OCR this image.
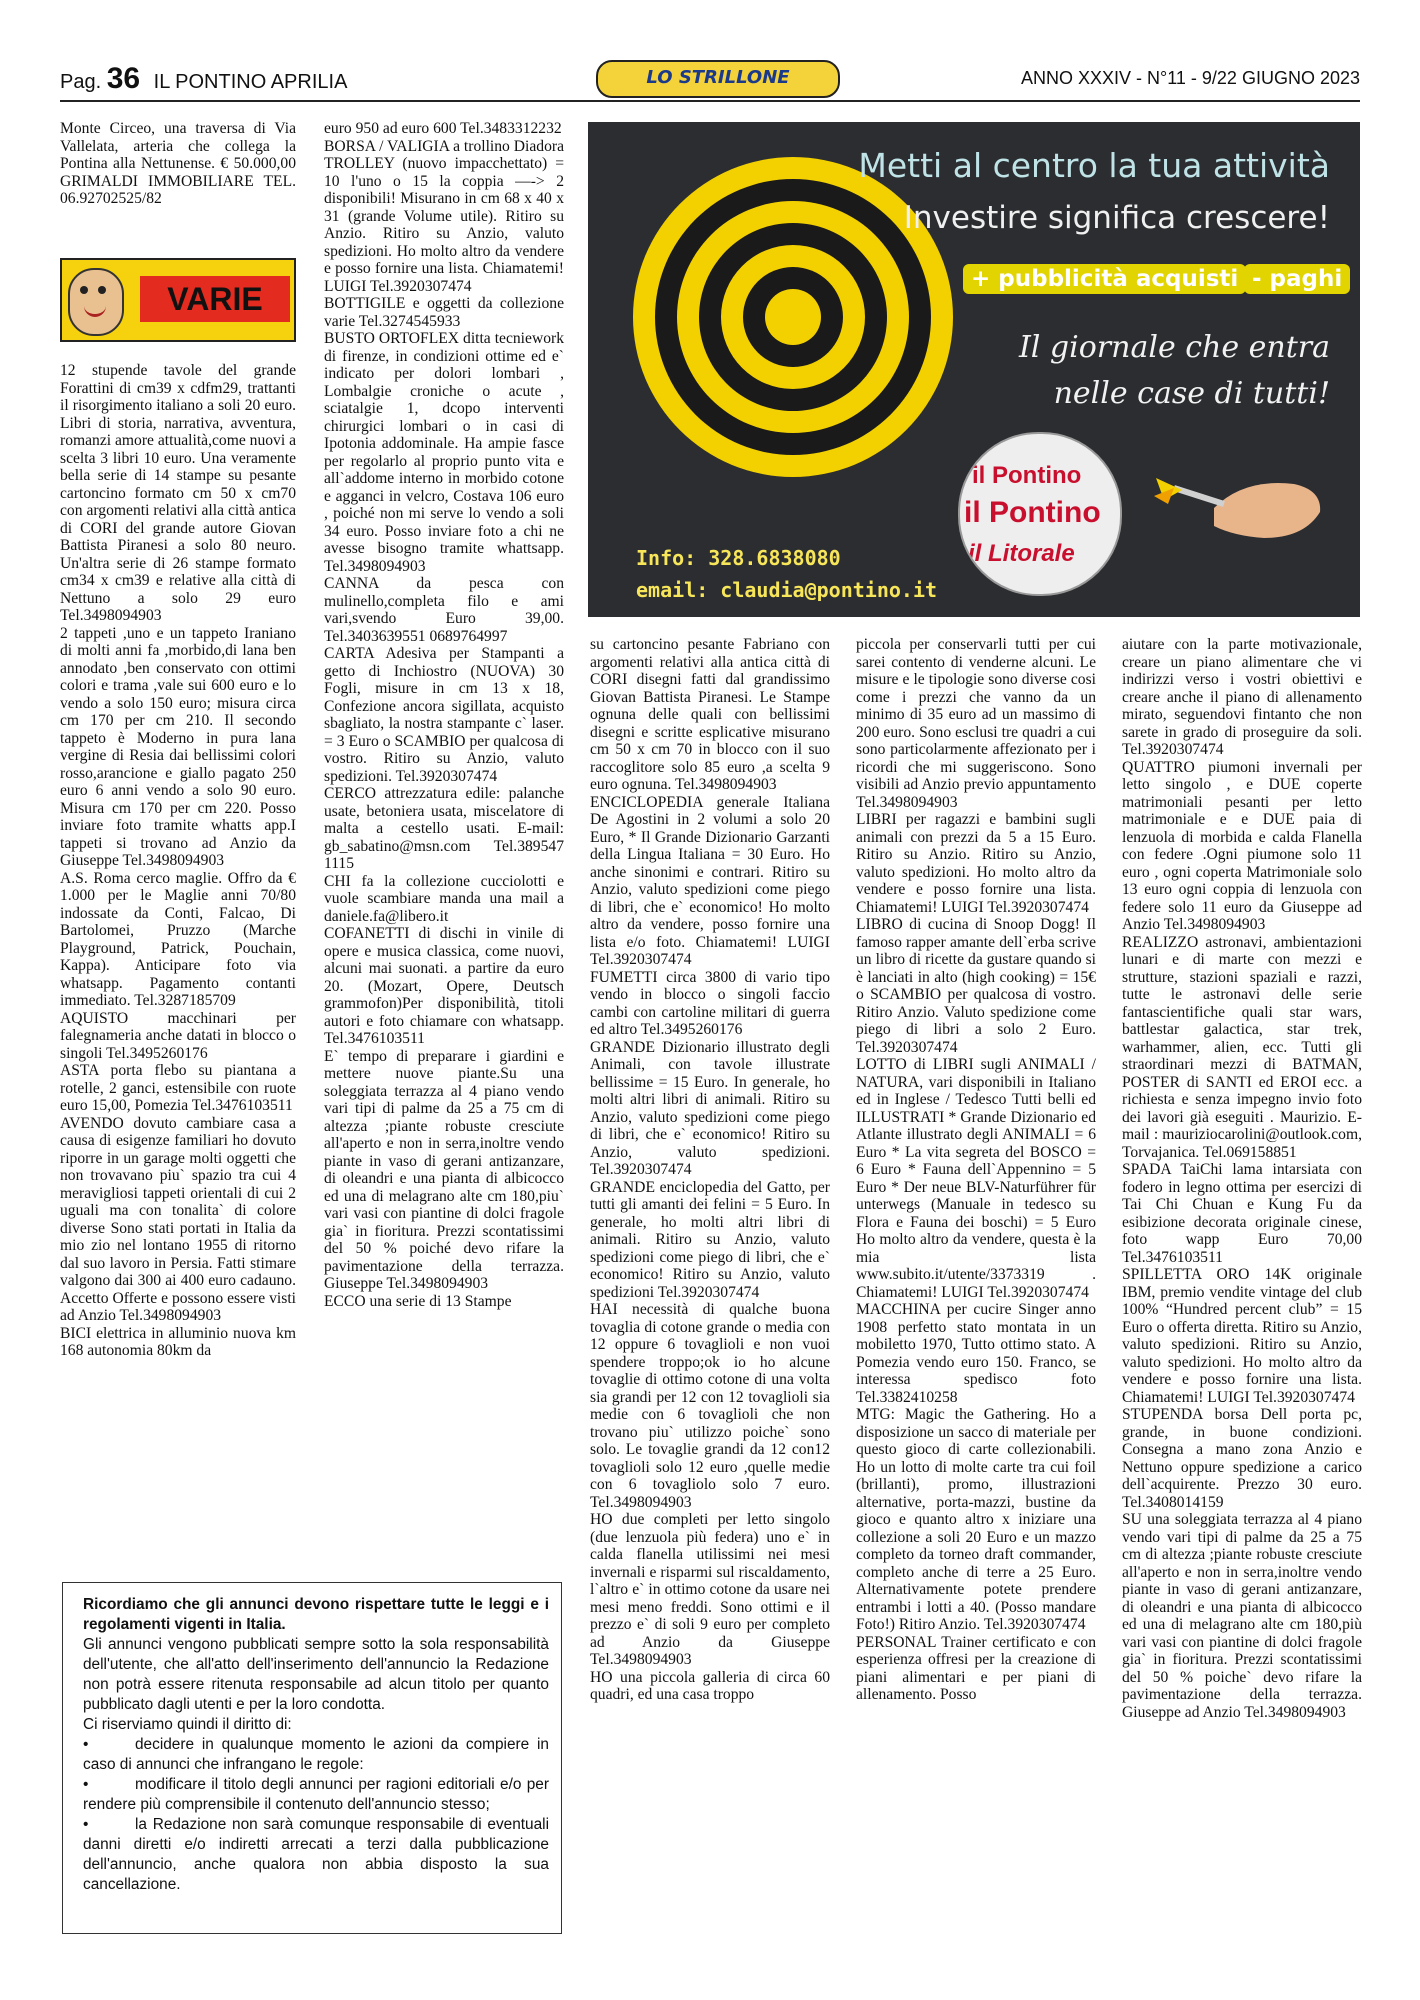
Pag. 36 IL PONTINO APRILIA	LO STRILLONE	ANNO XXXIV - N°11 - 9/22 GIUGNO 2023

Monte Circeo, una traversa di Via Vallelata, arteria che collega la Pontina alla Nettunense. € 50.000,00 GRIMALDI IMMOBILIARE TEL. 06.92702525/82

VARIE

12 stupende tavole del grande Forattini di cm39 x cdfm29, trattanti il risorgimento italiano a soli 20 euro. Libri di storia, narrativa, avventura, romanzi amore attualità,come nuovi a scelta 3 libri 10 euro. Una veramente bella serie di 14 stampe su pesante cartoncino formato cm 50 x cm70 con argomenti relativi alla città antica di CORI del grande autore Giovan Battista Piranesi a solo 80 neuro. Un'altra serie di 26 stampe formato cm34 x cm39 e relative alla città di Nettuno a solo 29 euro Tel.3498094903

2 tappeti ,uno e un tappeto Iraniano di molti anni fa ,morbido,di lana ben annodato ,ben conservato con ottimi colori e trama ,vale sui 600 euro e lo vendo a solo 150 euro; misura circa cm 170 per cm 210. Il secondo tappeto è Moderno in pura lana vergine di Resia dai bellissimi colori rosso,arancione e giallo pagato 250 euro 6 anni vendo a solo 90 euro. Misura cm 170 per cm 220. Posso inviare foto tramite whatts app.I tappeti si trovano ad Anzio da Giuseppe Tel.3498094903

A.S. Roma cerco maglie. Offro da € 1.000 per le Maglie anni 70/80 indossate da Conti, Falcao, Di Bartolomei, Pruzzo (Marche Playground, Patrick, Pouchain, Kappa). Anticipare foto via whatsapp. Pagamento contanti immediato. Tel.3287185709

AQUISTO macchinari per falegnameria anche datati in blocco o singoli Tel.3495260176

ASTA porta flebo su piantana a rotelle, 2 ganci, estensibile con ruote euro 15,00, Pomezia Tel.3476103511

AVENDO dovuto cambiare casa a causa di esigenze familiari ho dovuto riporre in un garage molti oggetti che non trovavano piu` spazio tra cui 4 meravigliosi tappeti orientali di cui 2 uguali ma con tonalita` di colore diverse Sono stati portati in Italia da mio zio nel lontano 1955 di ritorno dal suo lavoro in Persia. Fatti stimare valgono dai 300 ai 400 euro cadauno. Accetto Offerte e possono essere visti ad Anzio Tel.3498094903

BICI elettrica in alluminio nuova km 168 autonomia 80km da

euro 950 ad euro 600 Tel.3483312232

BORSA / VALIGIA a trollino Diadora TROLLEY (nuovo impacchettato) = 10 l'uno o 15 la coppia —-> 2 disponibili! Misurano in cm 68 x 40 x 31 (grande Volume utile). Ritiro su Anzio. Ritiro su Anzio, valuto spedizioni. Ho molto altro da vendere e posso fornire una lista. Chiamatemi! LUIGI Tel.3920307474

BOTTIGILE e oggetti da collezione varie Tel.3274545933

BUSTO ORTOFLEX ditta tecniework di firenze, in condizioni ottime ed e` indicato per dolori lombari , Lombalgie croniche o acute , sciatalgie 1, dcopo interventi chirurgici lombari o in casi di Ipotonia addominale. Ha ampie fasce per regolarlo al proprio punto vita e all`addome interno in morbido cotone e agganci in velcro, Costava 106 euro , poiché non mi serve lo vendo a soli 34 euro. Posso inviare foto a chi ne avesse bisogno tramite whattsapp. Tel.3498094903

CANNA da pesca con mulinello,completa filo e ami vari,svendo Euro 39,00. Tel.3403639551 0689764997

CARTA Adesiva per Stampanti a getto di Inchiostro (NUOVA) 30 Fogli, misure in cm 13 x 18, Confezione ancora sigillata, acquisto sbagliato, la nostra stampante c` laser. = 3 Euro o SCAMBIO per qualcosa di vostro. Ritiro su Anzio, valuto spedizioni. Tel.3920307474

CERCO attrezzatura edile: palanche usate, betoniera usata, miscelatore di malta a cestello usati. E-mail: gb_sabatino@msn.com Tel.389547 1115

CHI fa la collezione cucciolotti e vuole scambiare manda una mail a daniele.fa@libero.it

COFANETTI di dischi in vinile di opere e musica classica, come nuovi, alcuni mai suonati. a partire da euro 20. (Mozart, Opere, Deutsch grammofon)Per disponibilità, titoli autori e foto chiamare con whatsapp. Tel.3476103511

E` tempo di preparare i giardini e mettere nuove piante.Su una soleggiata terrazza al 4 piano vendo vari tipi di palme da 25 a 75 cm di altezza ;piante robuste cresciute all'aperto e non in serra,inoltre vendo piante in vaso di gerani antizanzare, di oleandri e una pianta di albicocco ed una di melagrano alte cm 180,piu` vari vasi con piantine di dolci fragole gia` in fioritura. Prezzi scontatissimi del 50 % poiché devo rifare la pavimentazione della terrazza. Giuseppe Tel.3498094903

ECCO una serie di 13 Stampe

Metti al centro la tua attività
Investire significa crescere!
+ pubblicità acquisti - paghi
Il giornale che entra
nelle case di tutti!
il Pontino
il Pontino
il Litorale
Info: 328.6838080
email: claudia@pontino.it

su cartoncino pesante Fabriano con argomenti relativi alla antica città di CORI disegni fatti dal grandissimo Giovan Battista Piranesi. Le Stampe ognuna delle quali con bellissimi disegni e scritte esplicative misurano cm 50 x cm 70 in blocco con il suo raccoglitore solo 85 euro ,a scelta 9 euro ognuna. Tel.3498094903

ENCICLOPEDIA generale Italiana De Agostini in 2 volumi a solo 20 Euro, * Il Grande Dizionario Garzanti della Lingua Italiana = 30 Euro. Ho anche sinonimi e contrari. Ritiro su Anzio, valuto spedizioni come piego di libri, che e` economico! Ho molto altro da vendere, posso fornire una lista e/o foto. Chiamatemi! LUIGI Tel.3920307474

FUMETTI circa 3800 di vario tipo vendo in blocco o singoli faccio cambi con cartoline militari di guerra ed altro Tel.3495260176

GRANDE Dizionario illustrato degli Animali, con tavole illustrate bellissime = 15 Euro. In generale, ho molti altri libri di animali. Ritiro su Anzio, valuto spedizioni come piego di libri, che e` economico! Ritiro su Anzio, valuto spedizioni. Tel.3920307474

GRANDE enciclopedia del Gatto, per tutti gli amanti dei felini = 5 Euro. In generale, ho molti altri libri di animali. Ritiro su Anzio, valuto spedizioni come piego di libri, che e` economico! Ritiro su Anzio, valuto spedizioni Tel.3920307474

HAI necessità di qualche buona tovaglia di cotone grande o media con 12 oppure 6 tovaglioli e non vuoi spendere troppo;ok io ho alcune tovaglie di ottimo cotone di una volta sia grandi per 12 con 12 tovaglioli sia medie con 6 tovaglioli che non trovano piu` utilizzo poiche` sono solo. Le tovaglie grandi da 12 con12 tovaglioli solo 12 euro ,quelle medie con 6 tovagliolo solo 7 euro. Tel.3498094903

HO due completi per letto singolo (due lenzuola più federa) uno e` in calda flanella utilissimi nei mesi invernali e risparmi sul riscaldamento, l`altro e` in ottimo cotone da usare nei mesi meno freddi. Sono ottimi e il prezzo e` di soli 9 euro per completo ad Anzio da Giuseppe Tel.3498094903

HO una piccola galleria di circa 60 quadri, ed una casa troppo

piccola per conservarli tutti per cui sarei contento di venderne alcuni. Le misure e le tipologie sono diverse cosi come i prezzi che vanno da un minimo di 35 euro ad un massimo di 200 euro. Sono esclusi tre quadri a cui sono particolarmente affezionato per i ricordi che mi suggeriscono. Sono visibili ad Anzio previo appuntamento Tel.3498094903

LIBRI per ragazzi e bambini sugli animali con prezzi da 5 a 15 Euro. Ritiro su Anzio. Ritiro su Anzio, valuto spedizioni. Ho molto altro da vendere e posso fornire una lista. Chiamatemi! LUIGI Tel.3920307474

LIBRO di cucina di Snoop Dogg! Il famoso rapper amante dell`erba scrive un libro di ricette da gustare quando si è lanciati in alto (high cooking) = 15€ o SCAMBIO per qualcosa di vostro. Ritiro Anzio. Valuto spedizione come piego di libri a solo 2 Euro. Tel.3920307474

LOTTO di LIBRI sugli ANIMALI / NATURA, vari disponibili in Italiano ed in Inglese / Tedesco Tutti belli ed ILLUSTRATI * Grande Dizionario ed Atlante illustrato degli ANIMALI = 6 Euro * La vita segreta del BOSCO = 6 Euro * Fauna dell`Appennino = 5 Euro * Der neue BLV-Naturführer für unterwegs (Manuale in tedesco su Flora e Fauna dei boschi) = 5 Euro Ho molto altro da vendere, questa è la mia lista www.subito.it/utente/3373319 . Chiamatemi! LUIGI Tel.3920307474

MACCHINA per cucire Singer anno 1908 perfetto stato montata in un mobiletto 1970, Tutto ottimo stato. A Pomezia vendo euro 150. Franco, se interessa spedisco foto Tel.3382410258

MTG: Magic the Gathering. Ho a disposizione un sacco di materiale per questo gioco di carte collezionabili. Ho un lotto di molte carte tra cui foil (brillanti), promo, illustrazioni alternative, porta-mazzi, bustine da gioco e quanto altro x iniziare una collezione a soli 20 Euro e un mazzo completo da torneo draft commander, completo anche di terre a 25 Euro. Alternativamente potete prendere entrambi i lotti a 40. (Posso mandare Foto!) Ritiro Anzio. Tel.3920307474

PERSONAL Trainer certificato e con esperienza offresi per la creazione di piani alimentari e per piani di allenamento. Posso

aiutare con la parte motivazionale, creare un piano alimentare che vi indirizzi verso i vostri obiettivi e creare anche il piano di allenamento mirato, seguendovi fintanto che non sarete in grado di proseguire da soli. Tel.3920307474

QUATTRO piumoni invernali per letto singolo , e DUE coperte matrimoniali pesanti per letto matrimoniale e e DUE paia di lenzuola di morbida e calda Flanella con federe .Ogni piumone solo 11 euro , ogni coperta Matrimoniale solo 13 euro ogni coppia di lenzuola con federe solo 11 euro da Giuseppe ad Anzio Tel.3498094903

REALIZZO astronavi, ambientazioni lunari e di marte con mezzi e strutture, stazioni spaziali e razzi, tutte le astronavi delle serie fantascientifiche quali star wars, battlestar galactica, star trek, warhammer, alien, ecc. Tutti gli straordinari mezzi di BATMAN, POSTER di SANTI ed EROI ecc. a richiesta e senza impegno invio foto dei lavori già eseguiti . Maurizio. E-mail : mauriziocarolini@outlook.com, Torvajanica. Tel.069158851

SPADA TaiChi lama intarsiata con fodero in legno ottima per esercizi di Tai Chi Chuan e Kung Fu da esibizione decorata originale cinese, foto wapp Euro 70,00 Tel.3476103511

SPILLETTA ORO 14K originale IBM, premio vendite vintage del club 100% “Hundred percent club” = 15 Euro o offerta diretta. Ritiro su Anzio, valuto spedizioni. Ritiro su Anzio, valuto spedizioni. Ho molto altro da vendere e posso fornire una lista. Chiamatemi! LUIGI Tel.3920307474

STUPENDA borsa Dell porta pc, grande, in buone condizioni. Consegna a mano zona Anzio e Nettuno oppure spedizione a carico dell`acquirente. Prezzo 30 euro. Tel.3408014159

SU una soleggiata terrazza al 4 piano vendo vari tipi di palme da 25 a 75 cm di altezza ;piante robuste cresciute all'aperto e non in serra,inoltre vendo piante in vaso di gerani antizanzare, di oleandri e una pianta di albicocco ed una di melagrano alte cm 180,più vari vasi con piantine di dolci fragole gia` in fioritura. Prezzi scontatissimi del 50 % poiche` devo rifare la pavimentazione della terrazza. Giuseppe ad Anzio Tel.3498094903

Ricordiamo che gli annunci devono rispettare tutte le leggi e i regolamenti vigenti in Italia.
Gli annunci vengono pubblicati sempre sotto la sola responsabilità dell'utente, che all'atto dell'inserimento dell'annuncio la Redazione non potrà essere ritenuta responsabile ad alcun titolo per quanto pubblicato dagli utenti e per la loro condotta.
Ci riserviamo quindi il diritto di:
• decidere in qualunque momento le azioni da compiere in caso di annunci che infrangano le regole:
• modificare il titolo degli annunci per ragioni editoriali e/o per rendere più comprensibile il contenuto dell'annuncio stesso;
• la Redazione non sarà comunque responsabile di eventuali danni diretti e/o indiretti arrecati a terzi dalla pubblicazione dell'annuncio, anche qualora non abbia disposto la sua cancellazione.
